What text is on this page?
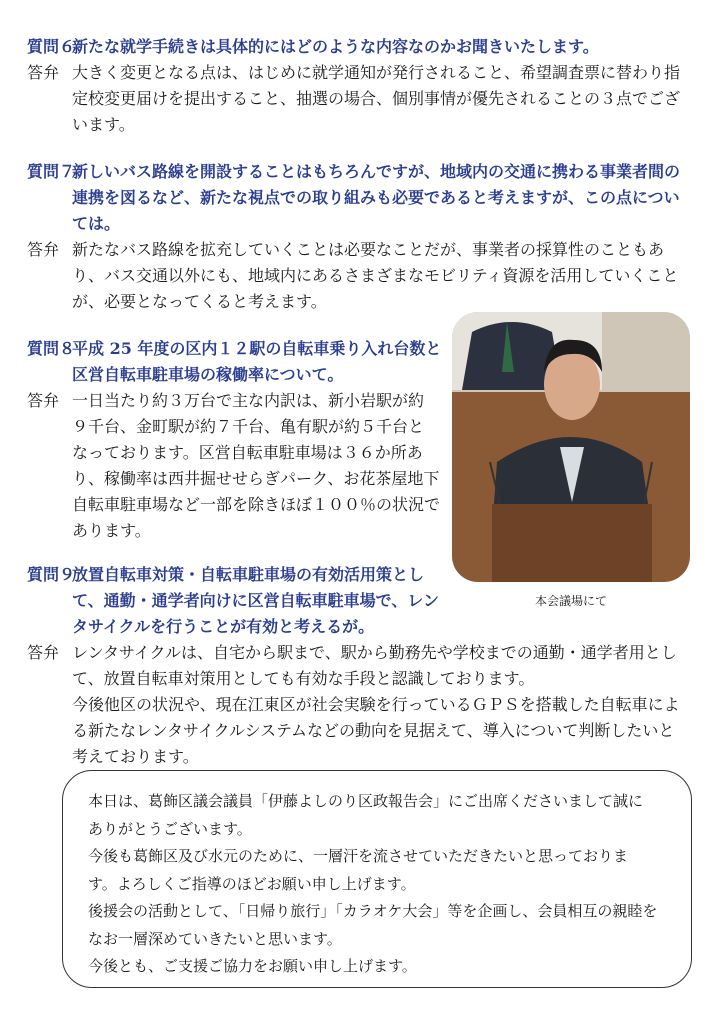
質問６新たな就学手続きは具体的にはどのような内容なのかお聞きいたします。
答弁 大きく変更となる点は、はじめに就学通知が発行されること、希望調査票に替わり指
定校変更届けを提出すること、抽選の場合、個別事情が優先されることの３点でござ
います。
質問７新しいバス路線を開設することはもちろんですが、地域内の交通に携わる事業者間の
連携を図るなど、新たな視点での取り組みも必要であると考えますが、この点につい
ては。
答弁 新たなバス路線を拡充していくことは必要なことだが、事業者の採算性のこともあ
り、バス交通以外にも、地域内にあるさまざまなモビリティ資源を活用していくこと
が、必要となってくると考えます。
質問８平成 25 年度の区内１２駅の自転車乗り入れ台数と
区営自転車駐車場の稼働率について。
答弁 一日当たり約３万台で主な内訳は、新小岩駅が約
９千台、金町駅が約７千台、亀有駅が約５千台と
なっております。区営自転車駐車場は３６か所あ
り、稼働率は西井掘せせらぎパーク、お花茶屋地下
自転車駐車場など一部を除きほぼ１００％の状況で
あります。
質問９放置自転車対策・自転車駐車場の有効活用策とし
て、通勤・通学者向けに区営自転車駐車場で、レン
タサイクルを行うことが有効と考えるが。
答弁 レンタサイクルは、自宅から駅まで、駅から勤務先や学校までの通勤・通学者用とし
て、放置自転車対策用としても有効な手段と認識しております。
今後他区の状況や、現在江東区が社会実験を行っているＧＰＳを搭載した自転車によ
る新たなレンタサイクルシステムなどの動向を見据えて、導入について判断したいと
考えております。
本会議場にて
本日は、葛飾区議会議員「伊藤よしのり区政報告会」にご出席くださいまして誠に
ありがとうございます。
今後も葛飾区及び水元のために、一層汗を流させていただきたいと思っておりま
す。よろしくご指導のほどお願い申し上げます。
後援会の活動として、「日帰り旅行」「カラオケ大会」等を企画し、会員相互の親睦を
なお一層深めていきたいと思います。
今後とも、ご支援ご協力をお願い申し上げます。
